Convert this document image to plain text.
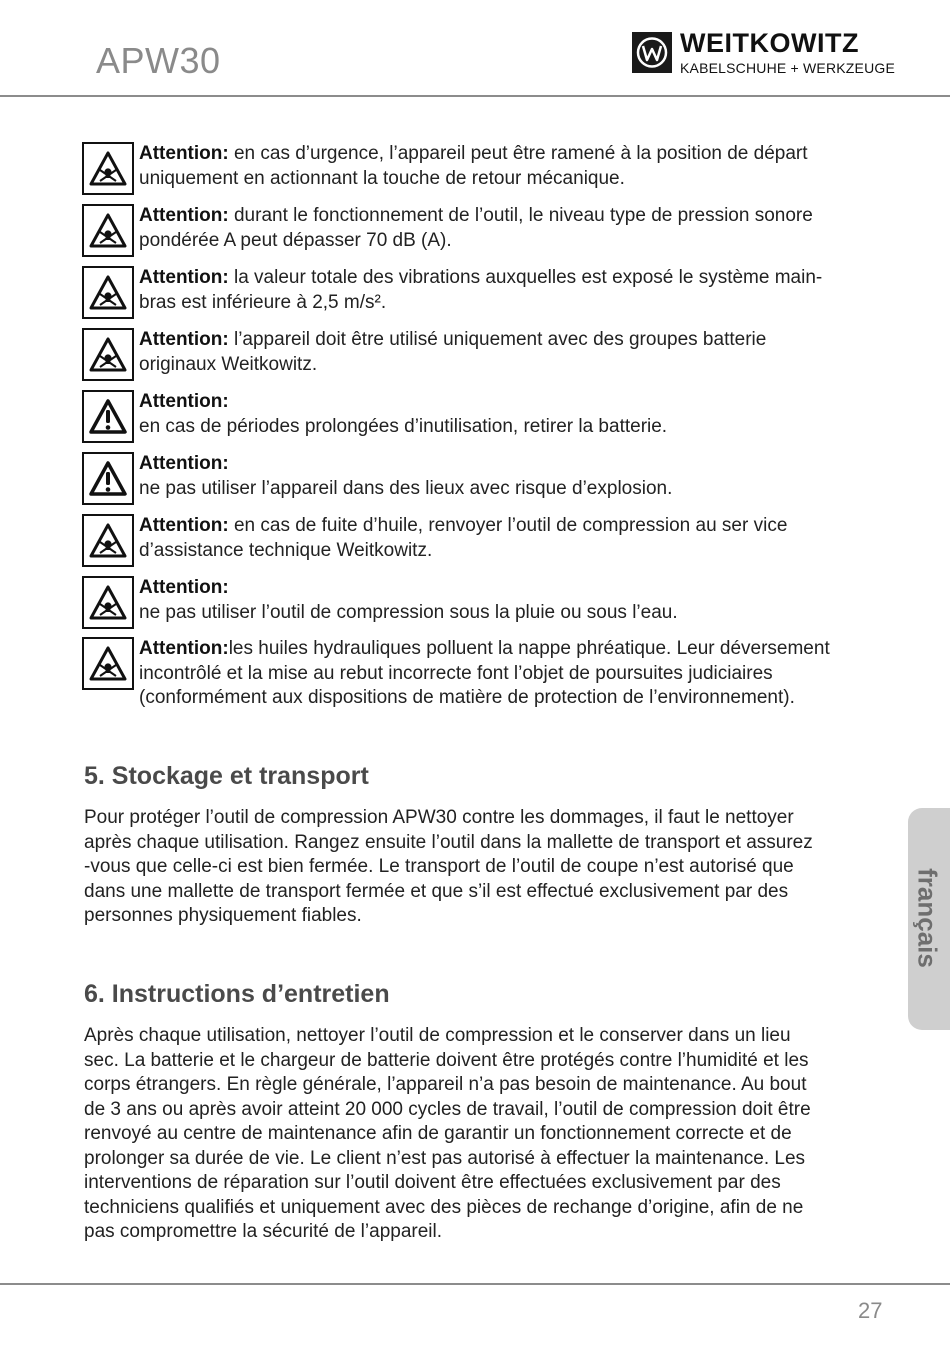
APW30	WEITKOWITZ
KABELSCHUHE + WERKZEUGE
Attention: en cas d’urgence, l’appareil peut être ramené à la position de départ
uniquement en actionnant la touche de retour mécanique.
Attention: durant le fonctionnement de l’outil, le niveau type de pression sonore
pondérée A peut dépasser 70 dB (A).
Attention: la valeur totale des vibrations auxquelles est exposé le système main-
bras est inférieure à 2,5 m/s².
Attention: l’appareil doit être utilisé uniquement avec des groupes batterie
originaux Weitkowitz.
Attention:
en cas de périodes prolongées d’inutilisation, retirer la batterie.
Attention:
ne pas utiliser l’appareil dans des lieux avec risque d’explosion.
Attention: en cas de fuite d’huile, renvoyer l’outil de compression au ser vice
d’assistance technique Weitkowitz.
Attention:
ne pas utiliser l’outil de compression sous la pluie ou sous l’eau.
Attention:les huiles hydrauliques polluent la nappe phréatique. Leur déversement
incontrôlé et la mise au rebut incorrecte font l’objet de poursuites judiciaires
(conformément aux dispositions de matière de protection de l’environnement).
5. Stockage et transport
Pour protéger l’outil de compression APW30 contre les dommages, il faut le nettoyer
après chaque utilisation. Rangez ensuite l’outil dans la mallette de transport et assurez
-vous que celle-ci est bien fermée. Le transport de l’outil de coupe n’est autorisé que
dans une mallette de transport fermée et que s’il est effectué exclusivement par des
personnes physiquement fiables.
6. Instructions d’entretien
Après chaque utilisation, nettoyer l’outil de compression et le conserver dans un lieu
sec. La batterie et le chargeur de batterie doivent être protégés contre l’humidité et les
corps étrangers. En règle générale, l’appareil n’a pas besoin de maintenance. Au bout
de 3 ans ou après avoir atteint 20 000 cycles de travail, l’outil de compression doit être
renvoyé au centre de maintenance afin de garantir un fonctionnement correcte et de
prolonger sa durée de vie. Le client n’est pas autorisé à effectuer la maintenance. Les
interventions de réparation sur l’outil doivent être effectuées exclusivement par des
techniciens qualifiés et uniquement avec des pièces de rechange d’origine, afin de ne
pas compromettre la sécurité de l’appareil.
français
27
